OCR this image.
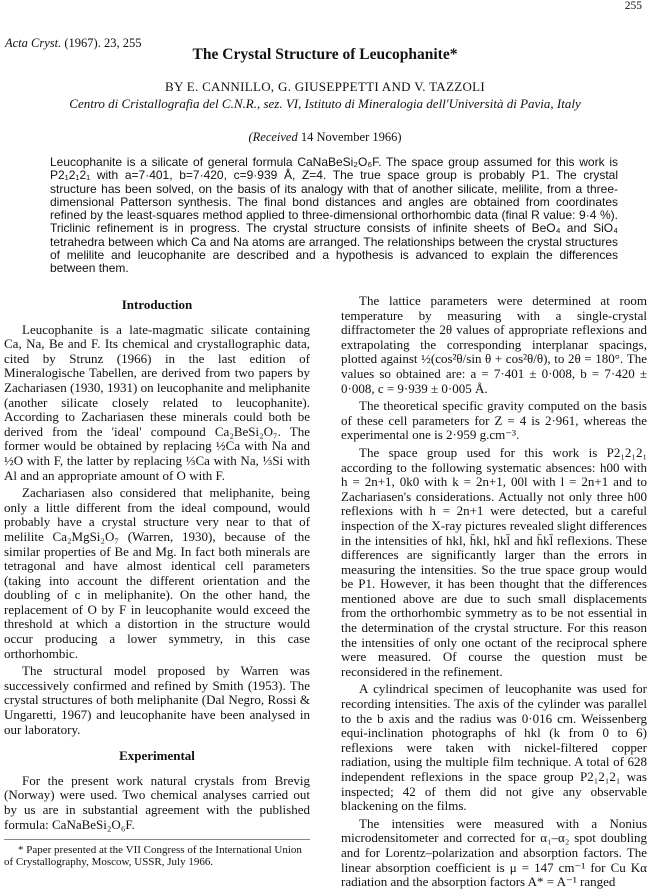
255
Acta Cryst. (1967). 23, 255
The Crystal Structure of Leucophanite*
BY E. CANNILLO, G. GIUSEPPETTI AND V. TAZZOLI
Centro di Cristallografia del C.N.R., sez. VI, Istituto di Mineralogia dell'Università di Pavia, Italy
(Received 14 November 1966)

Leucophanite is a silicate of general formula CaNaBeSi₂O₆F. The space group assumed for this work is P2₁2₁2₁ with a=7·401, b=7·420, c=9·939 Å, Z=4. The true space group is probably P1. The crystal structure has been solved, on the basis of its analogy with that of another silicate, melilite, from a three-dimensional Patterson synthesis. The final bond distances and angles are obtained from coordinates refined by the least-squares method applied to three-dimensional orthorhombic data (final R value: 9·4 %). Triclinic refinement is in progress. The crystal structure consists of infinite sheets of BeO₄ and SiO₄ tetrahedra between which Ca and Na atoms are arranged. The relationships between the crystal structures of melilite and leucophanite are described and a hypothesis is advanced to explain the differences between them.

Introduction

Leucophanite is a late-magmatic silicate containing Ca, Na, Be and F. Its chemical and crystallographic data, cited by Strunz (1966) in the last edition of Mineralogische Tabellen, are derived from two papers by Zachariasen (1930, 1931) on leucophanite and meliphanite (another silicate closely related to leucophanite). According to Zachariasen these minerals could both be derived from the 'ideal' compound Ca₂BeSi₂O₇. The former would be obtained by replacing ½Ca with Na and ½O with F, the latter by replacing ⅓Ca with Na, ⅓Si with Al and an appropriate amount of O with F.

Zachariasen also considered that meliphanite, being only a little different from the ideal compound, would probably have a crystal structure very near to that of melilite Ca₂MgSi₂O₇ (Warren, 1930), because of the similar properties of Be and Mg. In fact both minerals are tetragonal and have almost identical cell parameters (taking into account the different orientation and the doubling of c in meliphanite). On the other hand, the replacement of O by F in leucophanite would exceed the threshold at which a distortion in the structure would occur producing a lower symmetry, in this case orthorhombic.

The structural model proposed by Warren was successively confirmed and refined by Smith (1953). The crystal structures of both meliphanite (Dal Negro, Rossi & Ungaretti, 1967) and leucophanite have been analysed in our laboratory.

Experimental

For the present work natural crystals from Brevig (Norway) were used. Two chemical analyses carried out by us are in substantial agreement with the published formula: CaNaBeSi₂O₆F.

The lattice parameters were determined at room temperature by measuring with a single-crystal diffractometer the 2θ values of appropriate reflexions and extrapolating the corresponding interplanar spacings, plotted against ½(cos²θ/sin θ + cos²θ/θ), to 2θ = 180°. The values so obtained are: a = 7·401 ± 0·008, b = 7·420 ± 0·008, c = 9·939 ± 0·005 Å.

The theoretical specific gravity computed on the basis of these cell parameters for Z = 4 is 2·961, whereas the experimental one is 2·959 g.cm⁻³.

The space group used for this work is P2₁2₁2₁ according to the following systematic absences: h00 with h = 2n+1, 0k0 with k = 2n+1, 00l with l = 2n+1 and to Zachariasen's considerations. Actually not only three h00 reflexions with h = 2n+1 were detected, but a careful inspection of the X-ray pictures revealed slight differences in the intensities of hkl, h̄kl, hkl̄ and h̄kl̄ reflexions. These differences are significantly larger than the errors in measuring the intensities. So the true space group would be P1. However, it has been thought that the differences mentioned above are due to such small displacements from the orthorhombic symmetry as to be not essential in the determination of the crystal structure. For this reason the intensities of only one octant of the reciprocal sphere were measured. Of course the question must be reconsidered in the refinement.

A cylindrical specimen of leucophanite was used for recording intensities. The axis of the cylinder was parallel to the b axis and the radius was 0·016 cm. Weissenberg equi-inclination photographs of hkl (k from 0 to 6) reflexions were taken with nickel-filtered copper radiation, using the multiple film technique. A total of 628 independent reflexions in the space group P2₁2₁2₁ was inspected; 42 of them did not give any observable blackening on the films.

The intensities were measured with a Nonius microdensitometer and corrected for α₁–α₂ spot doubling and for Lorentz–polarization and absorption factors. The linear absorption coefficient is μ = 147 cm⁻¹ for Cu Kα radiation and the absorption factors A* = A⁻¹ ranged

* Paper presented at the VII Congress of the International Union of Crystallography, Moscow, USSR, July 1966.
